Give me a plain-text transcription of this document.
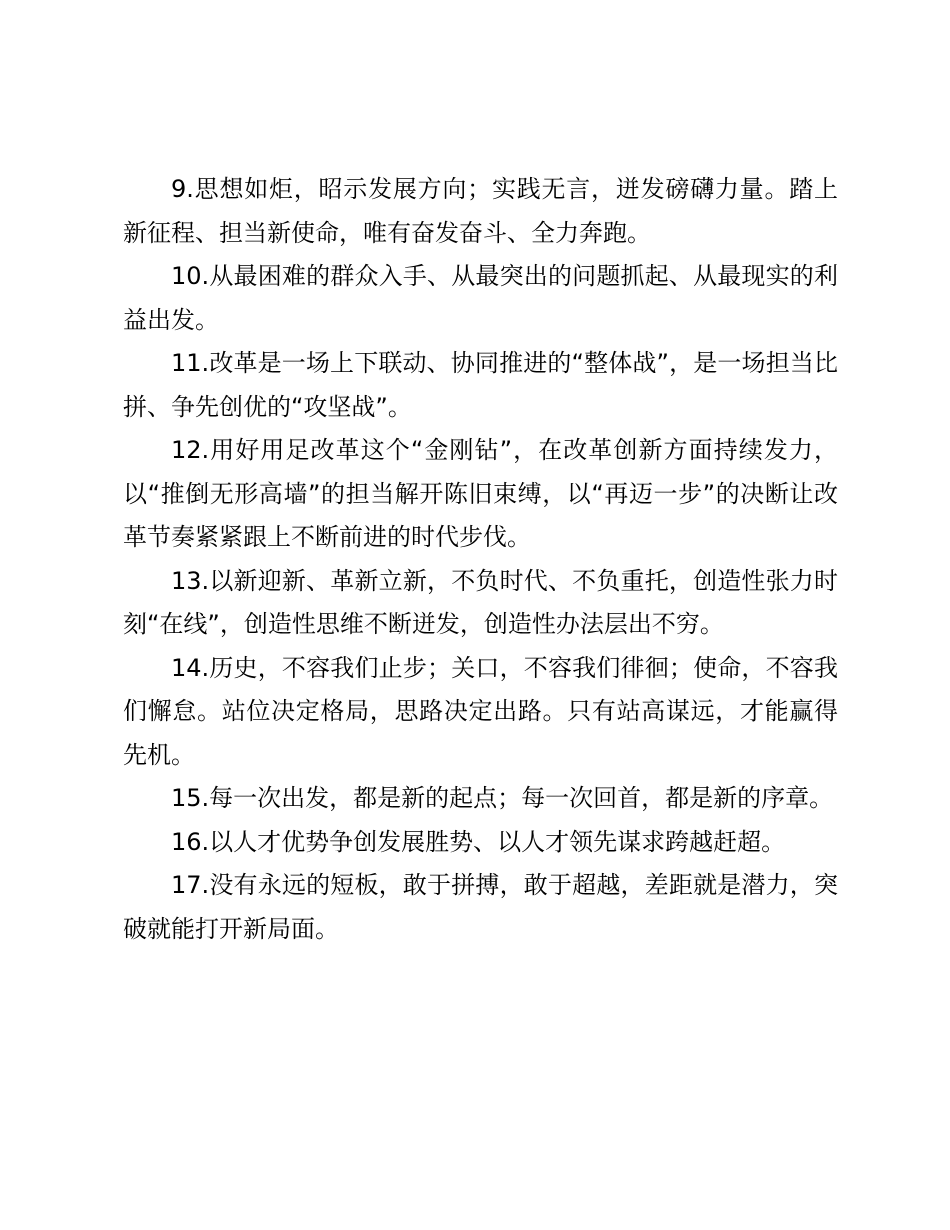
9.思想如炬，昭示发展方向；实践无言，迸发磅礴力量。踏上新征程、担当新使命，唯有奋发奋斗、全力奔跑。

10.从最困难的群众入手、从最突出的问题抓起、从最现实的利益出发。

11.改革是一场上下联动、协同推进的“整体战”，是一场担当比拼、争先创优的“攻坚战”。

12.用好用足改革这个“金刚钻”，在改革创新方面持续发力，以“推倒无形高墙”的担当解开陈旧束缚，以“再迈一步”的决断让改革节奏紧紧跟上不断前进的时代步伐。

13.以新迎新、革新立新，不负时代、不负重托，创造性张力时刻“在线”，创造性思维不断迸发，创造性办法层出不穷。

14.历史，不容我们止步；关口，不容我们徘徊；使命，不容我们懈怠。站位决定格局，思路决定出路。只有站高谋远，才能赢得先机。

15.每一次出发，都是新的起点；每一次回首，都是新的序章。

16.以人才优势争创发展胜势、以人才领先谋求跨越赶超。

17.没有永远的短板，敢于拼搏，敢于超越，差距就是潜力，突破就能打开新局面。
